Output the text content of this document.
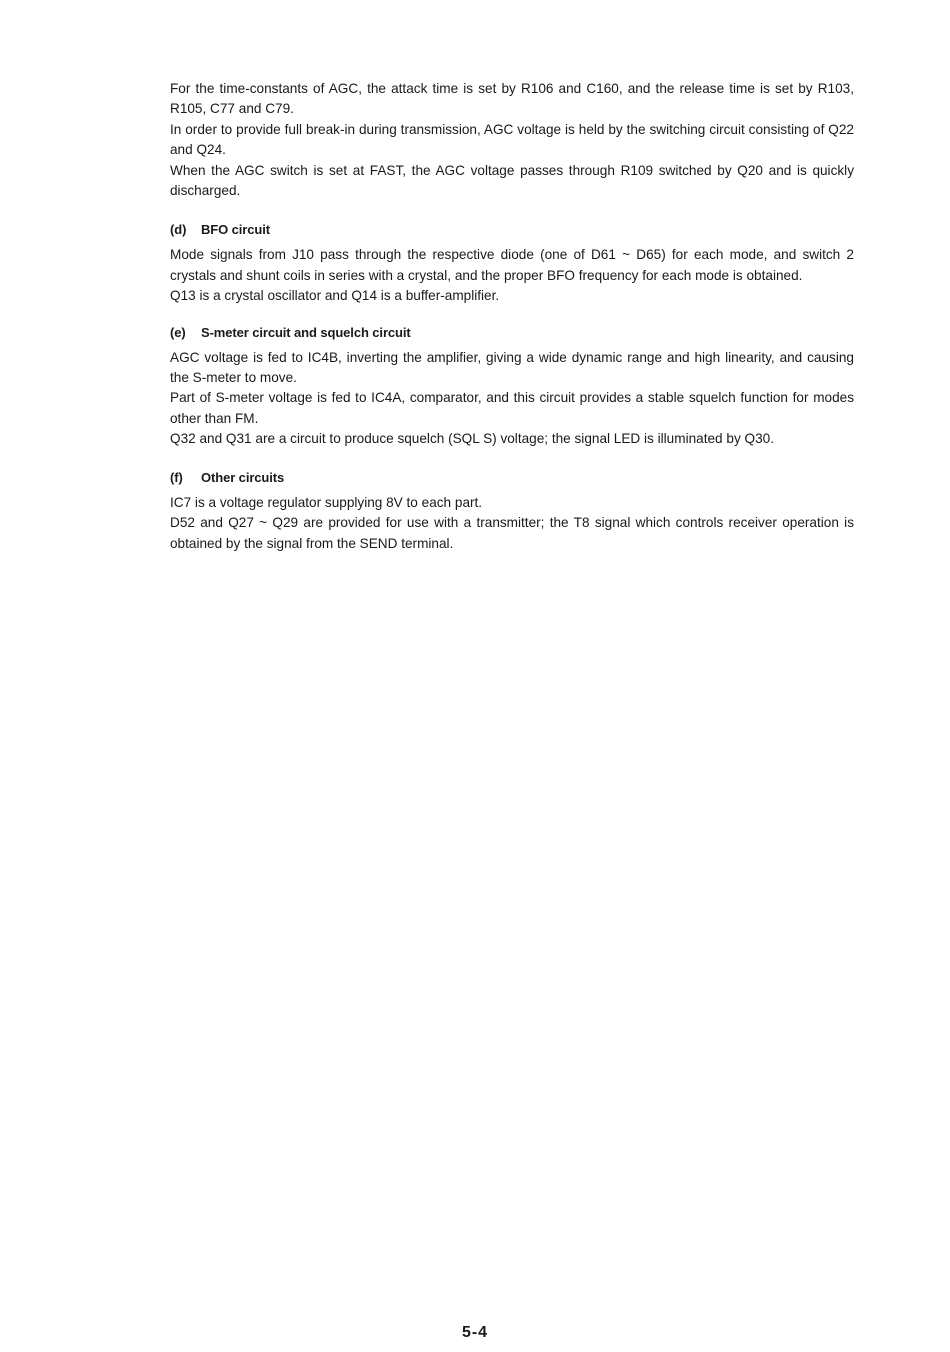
For the time-constants of AGC, the attack time is set by R106 and C160, and the release time is set by R103, R105, C77 and C79.

In order to provide full break-in during transmission, AGC voltage is held by the switching circuit consisting of Q22 and Q24.

When the AGC switch is set at FAST, the AGC voltage passes through R109 switched by Q20 and is quickly discharged.

(d) BFO circuit

Mode signals from J10 pass through the respective diode (one of D61 ~ D65) for each mode, and switch 2 crystals and shunt coils in series with a crystal, and the proper BFO frequency for each mode is obtained.

Q13 is a crystal oscillator and Q14 is a buffer-amplifier.

(e) S-meter circuit and squelch circuit

AGC voltage is fed to IC4B, inverting the amplifier, giving a wide dynamic range and high linearity, and causing the S-meter to move.

Part of S-meter voltage is fed to IC4A, comparator, and this circuit provides a stable squelch function for modes other than FM.

Q32 and Q31 are a circuit to produce squelch (SQL S) voltage; the signal LED is illuminated by Q30.

(f) Other circuits

IC7 is a voltage regulator supplying 8V to each part.

D52 and Q27 ~ Q29 are provided for use with a transmitter; the T8 signal which controls receiver operation is obtained by the signal from the SEND terminal.

5-4
